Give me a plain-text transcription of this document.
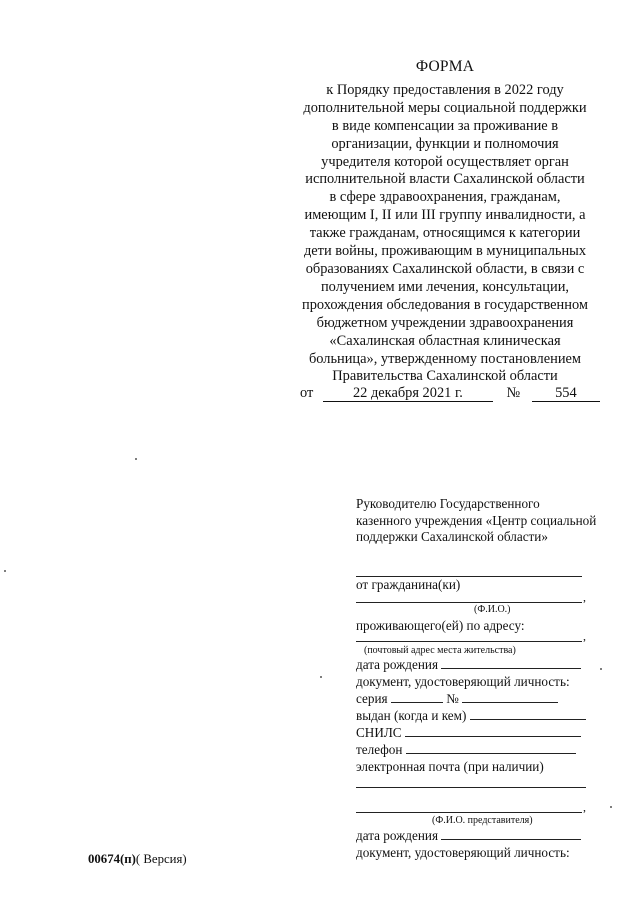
ФОРМА
к Порядку предоставления в 2022 году
дополнительной меры социальной поддержки
в виде компенсации за проживание в
организации, функции и полномочия
учредителя которой осуществляет орган
исполнительной власти Сахалинской области
в сфере здравоохранения, гражданам,
имеющим I, II или III группу инвалидности, а
также гражданам, относящимся к категории
дети войны, проживающим в муниципальных
образованиях Сахалинской области, в связи с
получением ими лечения, консультации,
прохождения обследования в государственном
бюджетном учреждении здравоохранения
«Сахалинская областная клиническая
больница», утвержденному постановлением
Правительства Сахалинской области
от	22 декабря 2021 г.	№ 554
Руководителю Государственного
казенного учреждения «Центр социальной
поддержки Сахалинской области»
от гражданина(ки)
,
(Ф.И.О.)
проживающего(ей) по адресу:
,
(почтовый адрес места жительства)
дата рождения
документ, удостоверяющий личность:
серия	№
выдан (когда и кем)
СНИЛС
телефон
электронная почта (при наличии)
,
(Ф.И.О. представителя)
дата рождения
документ, удостоверяющий личность:
00674(п)( Версия)
